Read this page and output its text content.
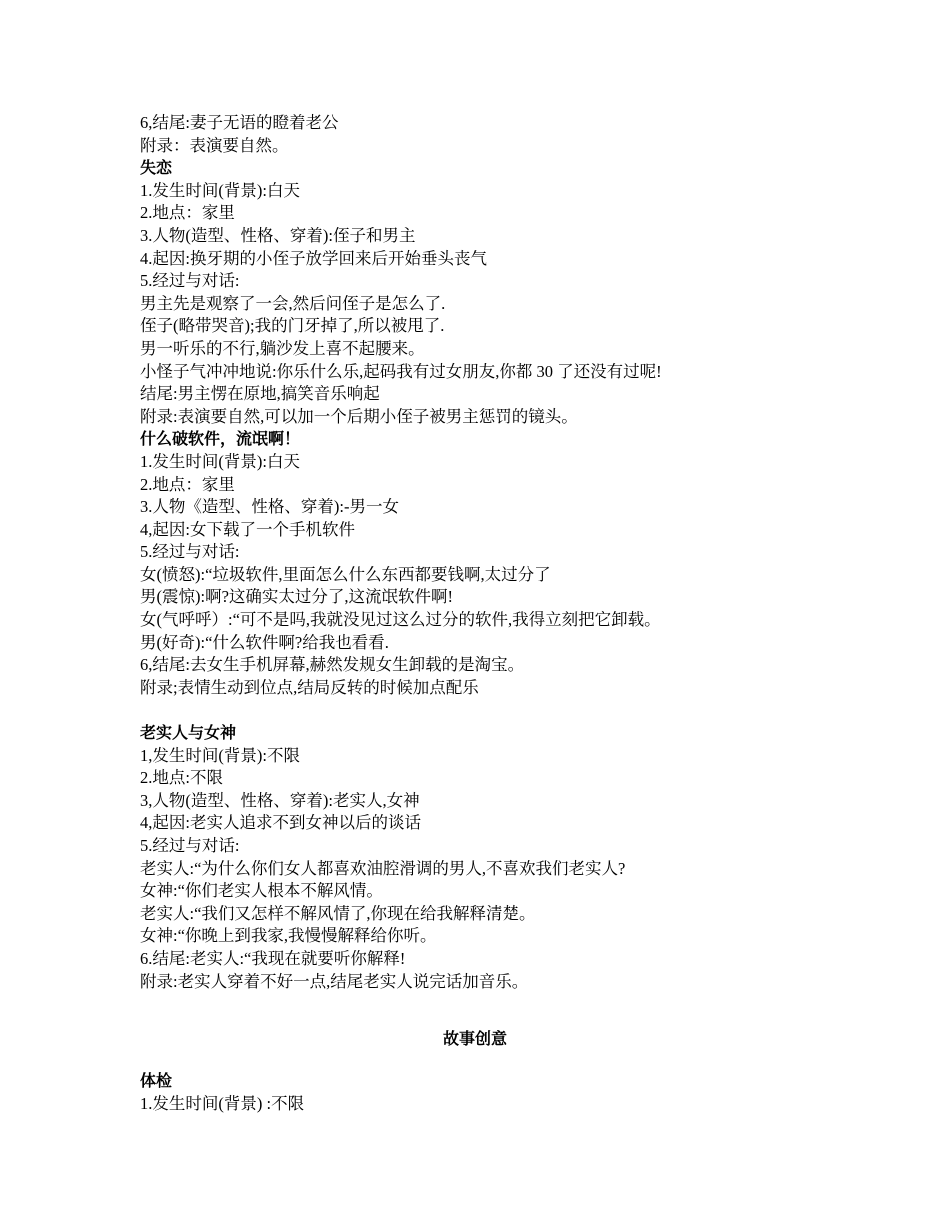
6,结尾:妻子无语的瞪着老公
附录：表演要自然。
失恋
1.发生时间(背景):白天
2.地点：家里
3.人物(造型、性格、穿着):侄子和男主
4.起因:换牙期的小侄子放学回来后开始垂头丧气
5.经过与对话:
男主先是观察了一会,然后问侄子是怎么了.
侄子(略带哭音);我的门牙掉了,所以被甩了.
男一听乐的不行,躺沙发上喜不起腰来。
小怪子气冲冲地说:你乐什么乐,起码我有过女朋友,你都 30 了还没有过呢!
结尾:男主愣在原地,搞笑音乐响起
附录:表演要自然,可以加一个后期小侄子被男主惩罚的镜头。
什么破软件，流氓啊！
1.发生时间(背景):白天
2.地点：家里
3.人物《造型、性格、穿着):-男一女
4,起因:女下载了一个手机软件
5.经过与对话:
女(愤怒):“垃圾软件,里面怎么什么东西都要钱啊,太过分了
男(震惊):啊?这确实太过分了,这流氓软件啊!
女(气呼呼）:“可不是吗,我就没见过这么过分的软件,我得立刻把它卸载。
男(好奇):“什么软件啊?给我也看看.
6,结尾:去女生手机屏幕,赫然发规女生卸载的是淘宝。
附录;表情生动到位点,结局反转的时候加点配乐
老实人与女神
1,发生时间(背景):不限
2.地点:不限
3,人物(造型、性格、穿着):老实人,女神
4,起因:老实人追求不到女神以后的谈话
5.经过与对话:
老实人:“为什么你们女人都喜欢油腔滑调的男人,不喜欢我们老实人?
女神:“你们老实人根本不解风情。
老实人:“我们又怎样不解风情了,你现在给我解释清楚。
女神:“你晚上到我家,我慢慢解释给你听。
6.结尾:老实人:“我现在就要听你解释!
附录:老实人穿着不好一点,结尾老实人说完话加音乐。
故事创意
体检
1.发生时间(背景) :不限
